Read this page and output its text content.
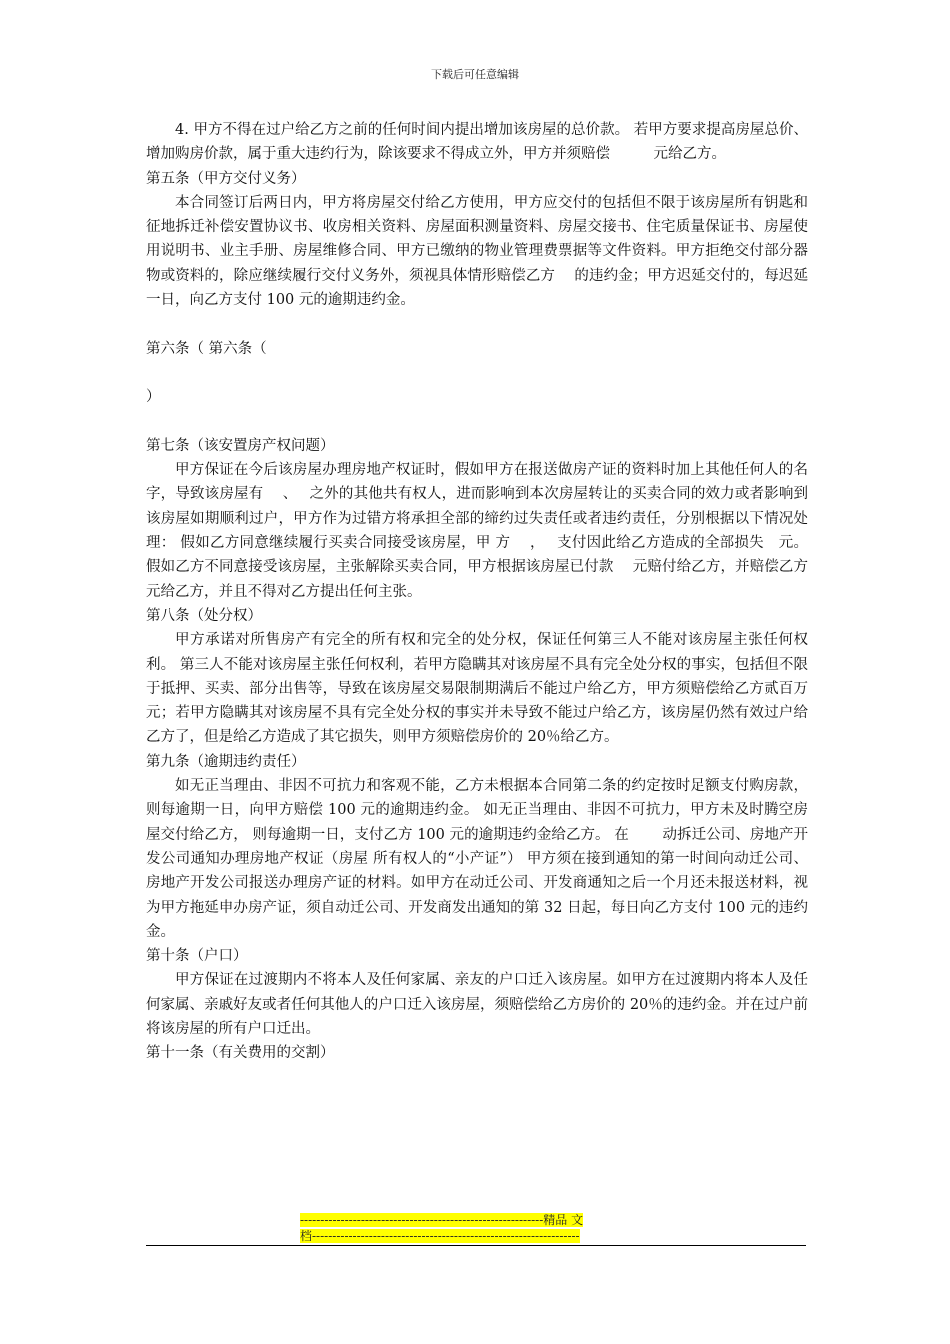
下载后可任意编辑

4. 甲方不得在过户给乙方之前的任何时间内提出增加该房屋的总价款。 若甲方要求提高房屋总价、增加购房价款，属于重大违约行为，除该要求不得成立外，甲方并须赔偿　　　元给乙方。

第五条（甲方交付义务）

本合同签订后两日内，甲方将房屋交付给乙方使用，甲方应交付的包括但不限于该房屋所有钥匙和征地拆迁补偿安置协议书、收房相关资料、房屋面积测量资料、房屋交接书、住宅质量保证书、房屋使用说明书、业主手册、房屋维修合同、甲方已缴纳的物业管理费票据等文件资料。甲方拒绝交付部分器物或资料的，除应继续履行交付义务外，须视具体情形赔偿乙方　 的违约金；甲方迟延交付的，每迟延 一日，向乙方支付 100 元的逾期违约金。

第六条（ 第六条（

）

第七条（该安置房产权问题）

甲方保证在今后该房屋办理房地产权证时，假如甲方在报送做房产证的资料时加上其他任何人的名字，导致该房屋有　 、　 之外的其他共有权人，进而影响到本次房屋转让的买卖合同的效力或者影响到该房屋如期顺利过户，甲方作为过错方将承担全部的缔约过失责任或者违约责任，分别根据以下情况处理： 假如乙方同意继续履行买卖合同接受该房屋，甲 方　 ，　 支付因此给乙方造成的全部损失　元。 假如乙方不同意接受该房屋，主张解除买卖合同，甲方根据该房屋已付款　 元赔付给乙方，并赔偿乙方　 元给乙方，并且不得对乙方提出任何主张。

第八条（处分权）

甲方承诺对所售房产有完全的所有权和完全的处分权，保证任何第三人不能对该房屋主张任何权利。 第三人不能对该房屋主张任何权利，若甲方隐瞒其对该房屋不具有完全处分权的事实，包括但不限于抵押、买卖、部分出售等，导致在该房屋交易限制期满后不能过户给乙方，甲方须赔偿给乙方贰百万元；若甲方隐瞒其对该房屋不具有完全处分权的事实并未导致不能过户给乙方，该房屋仍然有效过户给乙方了，但是给乙方造成了其它损失，则甲方须赔偿房价的 20％给乙方。

第九条（逾期违约责任）

如无正当理由、非因不可抗力和客观不能，乙方未根据本合同第二条的约定按时足额支付购房款，则每逾期一日，向甲方赔偿 100 元的逾期违约金。 如无正当理由、非因不可抗力，甲方未及时腾空房屋交付给乙方， 则每逾期一日，支付乙方 100 元的逾期违约金给乙方。 在　　 动拆迁公司、房地产开发公司通知办理房地产权证（房屋 所有权人的“小产证”） 甲方须在接到通知的第一时间向动迁公司、房地产开发公司报送办理房产证的材料。如甲方在动迁公司、开发商通知之后一个月还未报送材料，视为甲方拖延申办房产证，须自动迁公司、开发商发出通知的第 32 日起，每日向乙方支付 100 元的违约金。

第十条（户口）

甲方保证在过渡期内不将本人及任何家属、亲友的户口迁入该房屋。如甲方在过渡期内将本人及任何家属、亲戚好友或者任何其他人的户口迁入该房屋，须赔偿给乙方房价的 20％的违约金。并在过户前将该房屋的所有户口迁出。

第十一条（有关费用的交割）

------------------------------------------------------------精品 文
档------------------------------------------------------------------
